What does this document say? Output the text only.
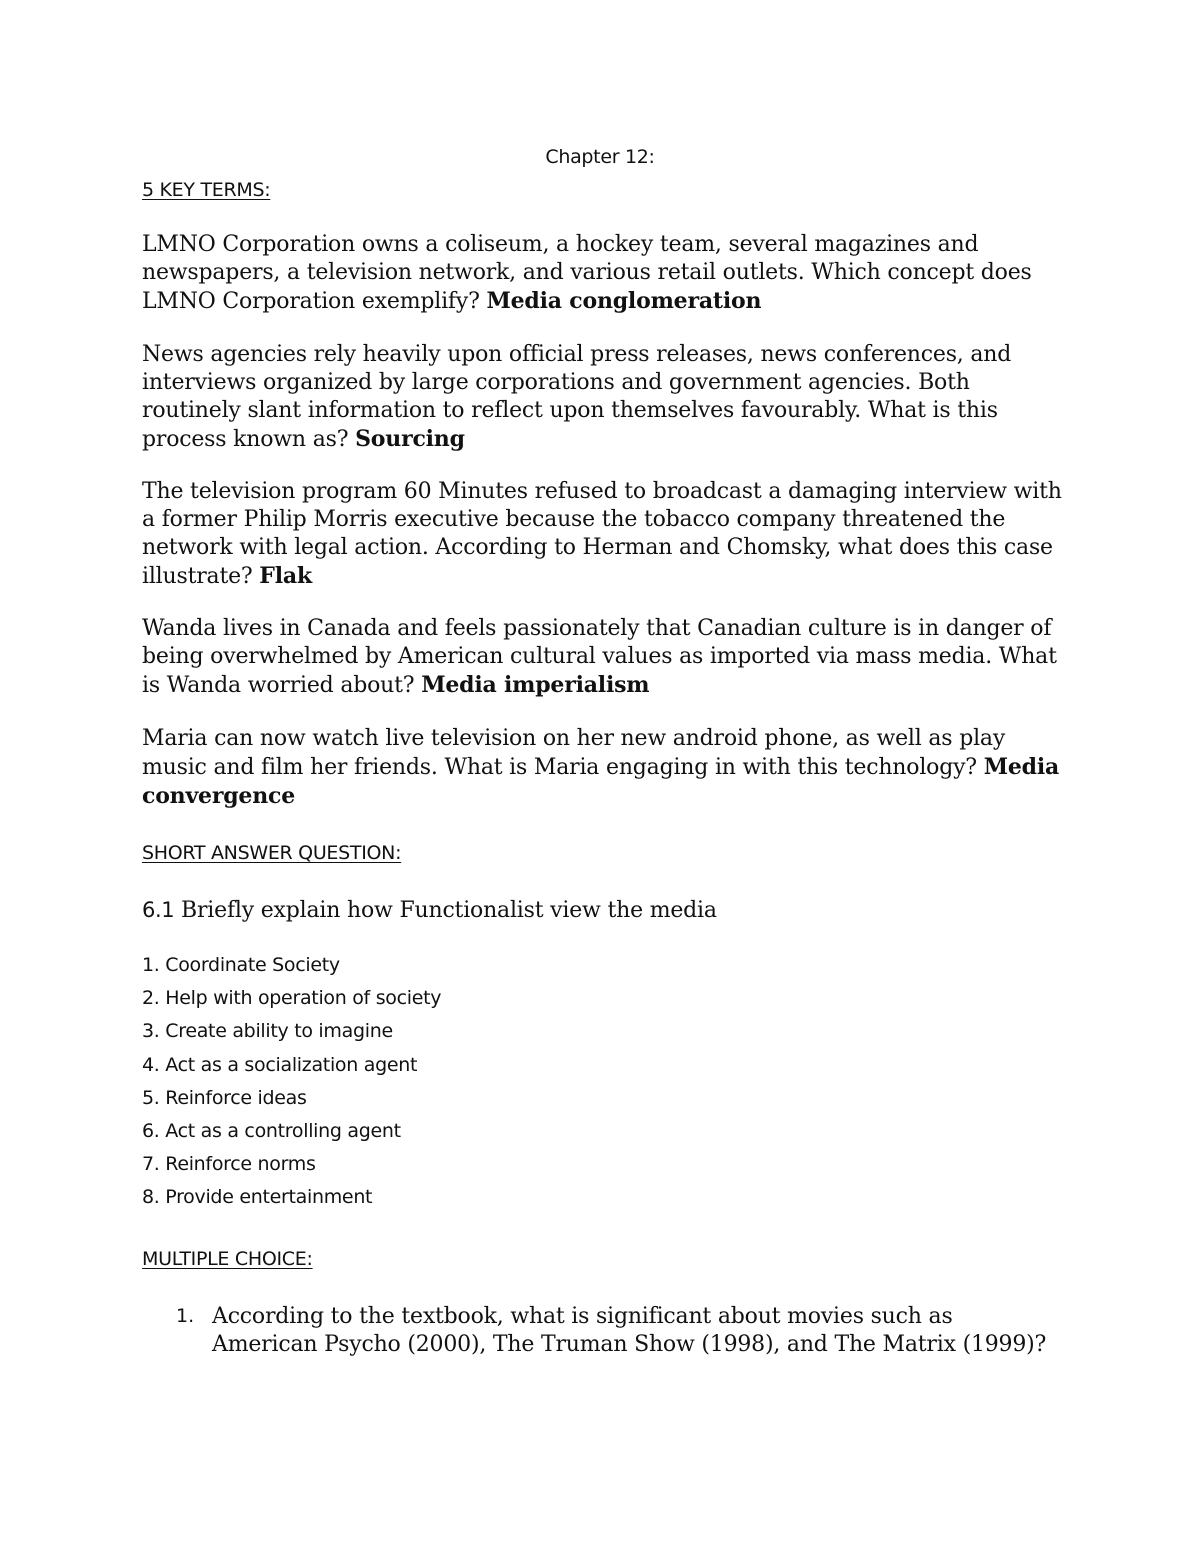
Chapter 12:
5 KEY TERMS:

LMNO Corporation owns a coliseum, a hockey team, several magazines and newspapers, a television network, and various retail outlets. Which concept does LMNO Corporation exemplify? Media conglomeration

News agencies rely heavily upon official press releases, news conferences, and interviews organized by large corporations and government agencies. Both routinely slant information to reflect upon themselves favourably. What is this process known as? Sourcing

The television program 60 Minutes refused to broadcast a damaging interview with a former Philip Morris executive because the tobacco company threatened the network with legal action. According to Herman and Chomsky, what does this case illustrate? Flak

Wanda lives in Canada and feels passionately that Canadian culture is in danger of being overwhelmed by American cultural values as imported via mass media. What is Wanda worried about? Media imperialism

Maria can now watch live television on her new android phone, as well as play music and film her friends. What is Maria engaging in with this technology? Media convergence

SHORT ANSWER QUESTION:

6.1 Briefly explain how Functionalist view the media

1. Coordinate Society
2. Help with operation of society
3. Create ability to imagine
4. Act as a socialization agent
5. Reinforce ideas
6. Act as a controlling agent
7. Reinforce norms
8. Provide entertainment
MULTIPLE CHOICE:
1. According to the textbook, what is significant about movies such as American Psycho (2000), The Truman Show (1998), and The Matrix (1999)?
